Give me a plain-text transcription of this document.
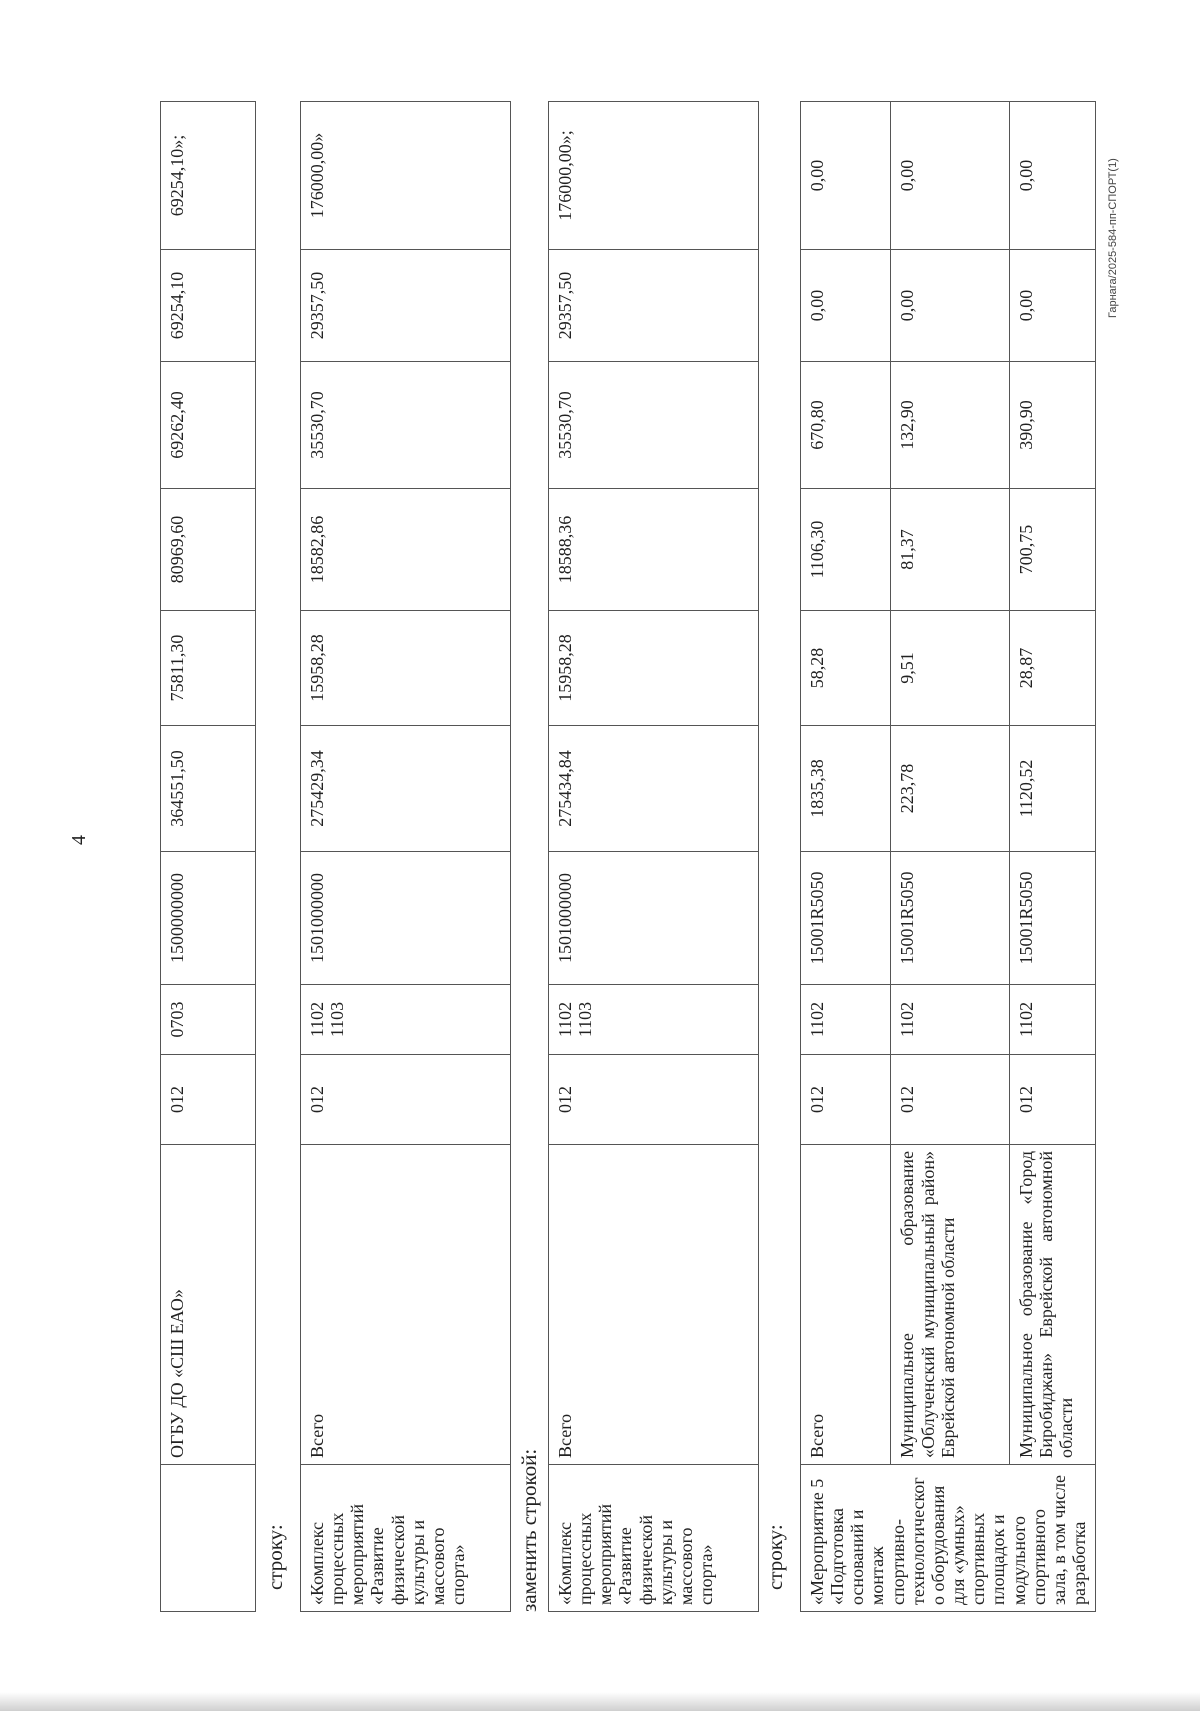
4
Гарнага/2025-584-пп-СПОРТ(1)
	ОГБУ ДО «СШ ЕАО»	012	0703	1500000000	364551,50	75811,30	80969,60	69262,40	69254,10	69254,10»;
строку: «Комплекс процессных мероприятий «Развитие физической культуры и массового спорта»	Всего	012	1102 1103	1501000000	275429,34	15958,28	18582,86	35530,70	29357,50	176000,00»
заменить строкой: «Комплекс процессных мероприятий «Развитие физической культуры и массового спорта»	Всего	012	1102 1103	1501000000	275434,84	15958,28	18588,36	35530,70	29357,50	176000,00»;
строку: «Мероприятие 5 «Подготовка оснований и монтаж спортивно-технологического оборудования для «умных» спортивных площадок и модульного спортивного зала, в том числе разработка	Всего	012	1102	15001R5050	1835,38	58,28	1106,30	670,80	0,00	0,00
	Муниципальное образование «Облученский муниципальный район» Еврейской автономной области	012	1102	15001R5050	223,78	9,51	81,37	132,90	0,00	0,00
	Муниципальное образование «Город Биробиджан» Еврейской автономной области	012	1102	15001R5050	1120,52	28,87	700,75	390,90	0,00	0,00
